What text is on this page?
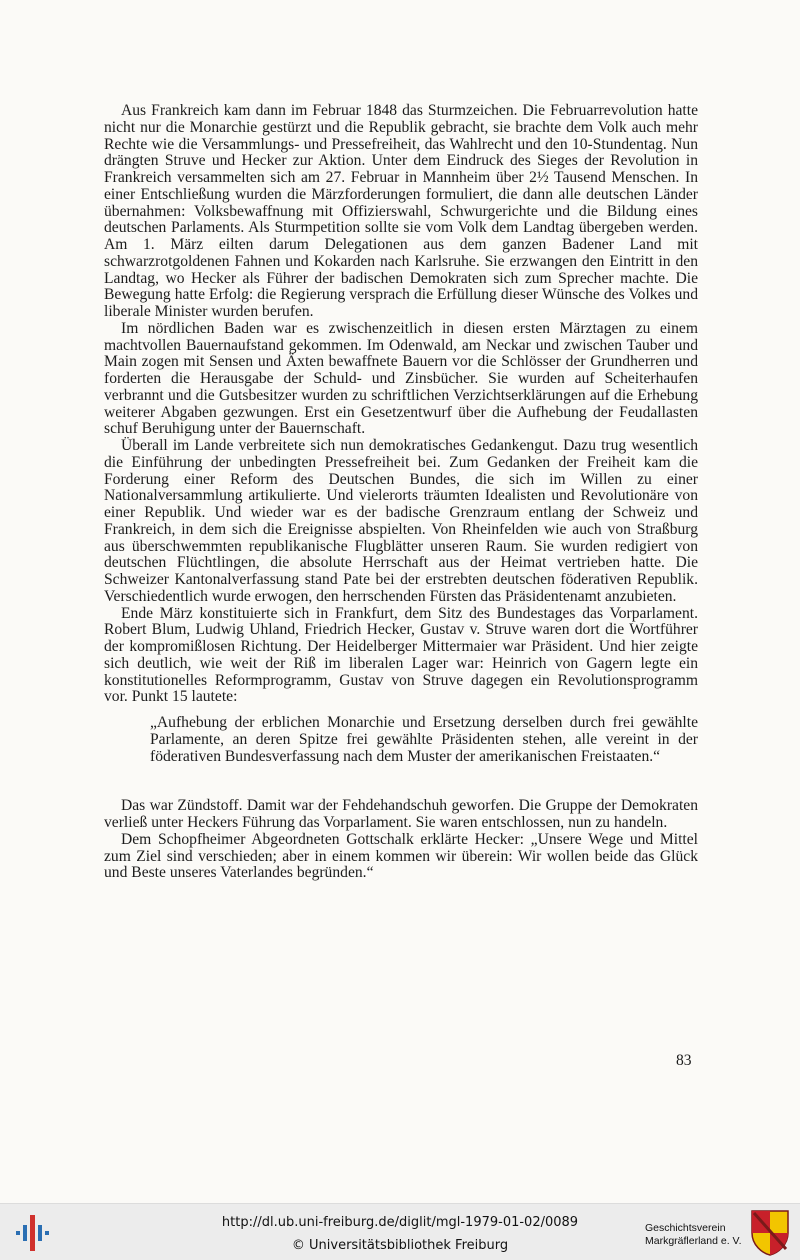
Aus Frankreich kam dann im Februar 1848 das Sturmzeichen. Die Februarrevolution hatte nicht nur die Monarchie gestürzt und die Republik gebracht, sie brachte dem Volk auch mehr Rechte wie die Versammlungs- und Pressefreiheit, das Wahlrecht und den 10-Stundentag. Nun drängten Struve und Hecker zur Aktion. Unter dem Eindruck des Sieges der Revolution in Frankreich versammelten sich am 27. Februar in Mannheim über 2½ Tausend Menschen. In einer Entschließung wurden die Märzforderungen formuliert, die dann alle deutschen Länder übernahmen: Volksbewaffnung mit Offizierswahl, Schwurgerichte und die Bildung eines deutschen Parlaments. Als Sturmpetition sollte sie vom Volk dem Landtag übergeben werden. Am 1. März eilten darum Delegationen aus dem ganzen Badener Land mit schwarzrotgoldenen Fahnen und Kokarden nach Karlsruhe. Sie erzwangen den Eintritt in den Landtag, wo Hecker als Führer der badischen Demokraten sich zum Sprecher machte. Die Bewegung hatte Erfolg: die Regierung versprach die Erfüllung dieser Wünsche des Volkes und liberale Minister wurden berufen.

Im nördlichen Baden war es zwischenzeitlich in diesen ersten Märztagen zu einem machtvollen Bauernaufstand gekommen. Im Odenwald, am Neckar und zwischen Tauber und Main zogen mit Sensen und Äxten bewaffnete Bauern vor die Schlösser der Grundherren und forderten die Herausgabe der Schuld- und Zinsbücher. Sie wurden auf Scheiterhaufen verbrannt und die Gutsbesitzer wurden zu schriftlichen Verzichtserklärungen auf die Erhebung weiterer Abgaben gezwungen. Erst ein Gesetzentwurf über die Aufhebung der Feudallasten schuf Beruhigung unter der Bauernschaft.

Überall im Lande verbreitete sich nun demokratisches Gedankengut. Dazu trug wesentlich die Einführung der unbedingten Pressefreiheit bei. Zum Gedanken der Freiheit kam die Forderung einer Reform des Deutschen Bundes, die sich im Willen zu einer Nationalversammlung artikulierte. Und vielerorts träumten Idealisten und Revolutionäre von einer Republik. Und wieder war es der badische Grenzraum entlang der Schweiz und Frankreich, in dem sich die Ereignisse abspielten. Von Rheinfelden wie auch von Straßburg aus überschwemmten republikanische Flugblätter unseren Raum. Sie wurden redigiert von deutschen Flüchtlingen, die absolute Herrschaft aus der Heimat vertrieben hatte. Die Schweizer Kantonalverfassung stand Pate bei der erstrebten deutschen föderativen Republik. Verschiedentlich wurde erwogen, den herrschenden Fürsten das Präsidentenamt anzubieten.

Ende März konstituierte sich in Frankfurt, dem Sitz des Bundestages das Vorparlament. Robert Blum, Ludwig Uhland, Friedrich Hecker, Gustav v. Struve waren dort die Wortführer der kompromißlosen Richtung. Der Heidelberger Mittermaier war Präsident. Und hier zeigte sich deutlich, wie weit der Riß im liberalen Lager war: Heinrich von Gagern legte ein konstitutionelles Reformprogramm, Gustav von Struve dagegen ein Revolutionsprogramm vor. Punkt 15 lautete:

„Aufhebung der erblichen Monarchie und Ersetzung derselben durch frei gewählte Parlamente, an deren Spitze frei gewählte Präsidenten stehen, alle vereint in der föderativen Bundesverfassung nach dem Muster der amerikanischen Freistaaten.“

Das war Zündstoff. Damit war der Fehdehandschuh geworfen. Die Gruppe der Demokraten verließ unter Heckers Führung das Vorparlament. Sie waren entschlossen, nun zu handeln.

Dem Schopfheimer Abgeordneten Gottschalk erklärte Hecker: „Unsere Wege und Mittel zum Ziel sind verschieden; aber in einem kommen wir überein: Wir wollen beide das Glück und Beste unseres Vaterlandes begründen.“

83
http://dl.ub.uni-freiburg.de/diglit/mgl-1979-01-02/0089
© Universitätsbibliothek Freiburg
Geschichtsverein
Markgräflerland e. V.
